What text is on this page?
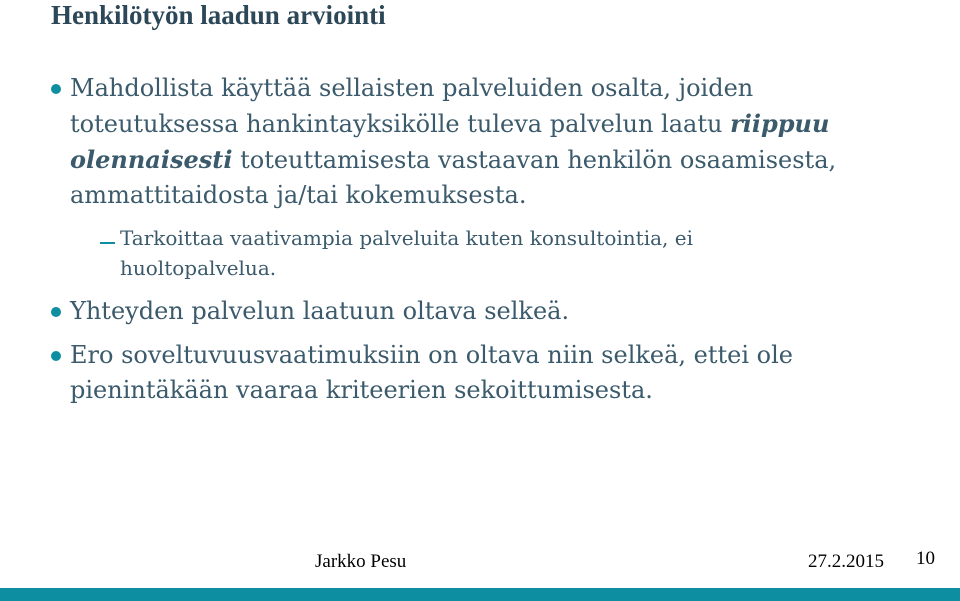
Henkilötyön laadun arviointi
Mahdollista käyttää sellaisten palveluiden osalta, joiden
toteutuksessa hankintayksikölle tuleva palvelun laatu riippuu
olennaisesti toteuttamisesta vastaavan henkilön osaamisesta,
ammattitaidosta ja/tai kokemuksesta.
Tarkoittaa vaativampia palveluita kuten konsultointia, ei
huoltopalvelua.
Yhteyden palvelun laatuun oltava selkeä.
Ero soveltuvuusvaatimuksiin on oltava niin selkeä, ettei ole
pienintäkään vaaraa kriteerien sekoittumisesta.
Jarkko Pesu	27.2.2015 10
